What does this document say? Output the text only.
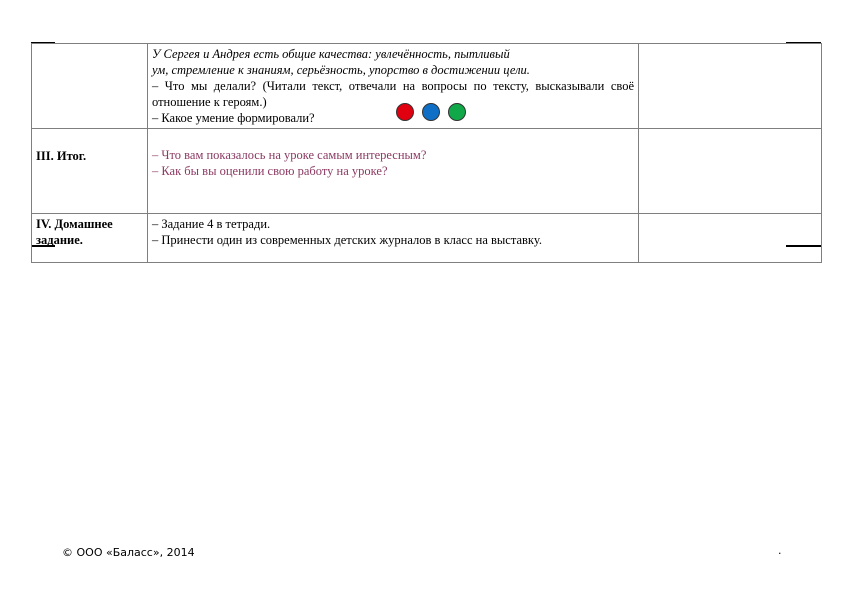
	У Сергея и Андрея есть общие качества: увлечённость, пытливый
ум, стремление к знаниям, серьёзность, упорство в достижении цели.
– Что мы делали? (Читали текст, отвечали на вопросы по тексту, высказывали своё отношение к героям.)
– Какое умение формировали?	

III. Итог.	– Что вам показалось на уроке самым интересным?
– Как бы вы оценили свою работу на уроке?	

IV. Домашнее задание.	– Задание 4 в тетради.
– Принести один из современных детских журналов в класс на выставку.	

© ООО «Баласс», 2014	.
